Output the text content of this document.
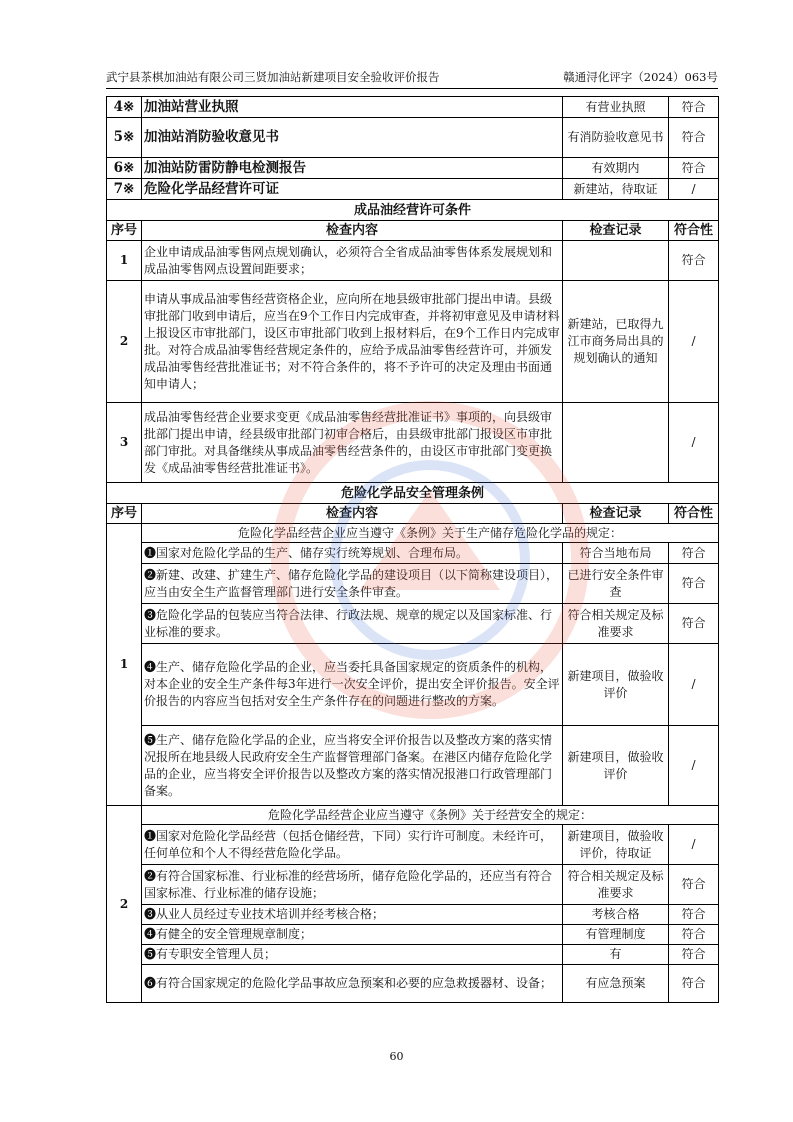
武宁县茶棋加油站有限公司三贤加油站新建项目安全验收评价报告	赣通浔化评字（2024）063号
4※	加油站营业执照	有营业执照	符合
5※	加油站消防验收意见书	有消防验收意见书	符合
6※	加油站防雷防静电检测报告	有效期内	符合
7※	危险化学品经营许可证	新建站，待取证	/
成品油经营许可条件			
序号	检查内容	检查记录	符合性
1	企业申请成品油零售网点规划确认，必须符合全省成品油零售体系发展规划和成品油零售网点设置间距要求；		符合
2	申请从事成品油零售经营资格企业，应向所在地县级审批部门提出申请。县级审批部门收到申请后，应当在9个工作日内完成审查，并将初审意见及申请材料上报设区市审批部门，设区市审批部门收到上报材料后，在9个工作日内完成审批。对符合成品油零售经营规定条件的，应给予成品油零售经营许可，并颁发成品油零售经营批准证书；对不符合条件的，将不予许可的决定及理由书面通知申请人；	新建站，已取得九江市商务局出具的规划确认的通知	/
3	成品油零售经营企业要求变更《成品油零售经营批准证书》事项的，向县级审批部门提出申请，经县级审批部门初审合格后，由县级审批部门报设区市审批部门审批。对具备继续从事成品油零售经营条件的，由设区市审批部门变更换发《成品油零售经营批准证书》。		/
危险化学品安全管理条例			
序号	检查内容	检查记录	符合性
1	危险化学品经营企业应当遵守《条例》关于生产储存危险化学品的规定：		
	❶国家对危险化学品的生产、储存实行统筹规划、合理布局。	符合当地布局	符合
	❷新建、改建、扩建生产、储存危险化学品的建设项目（以下简称建设项目），应当由安全生产监督管理部门进行安全条件审查。	已进行安全条件审查	符合
	❸危险化学品的包装应当符合法律、行政法规、规章的规定以及国家标准、行业标准的要求。	符合相关规定及标准要求	符合
	❹生产、储存危险化学品的企业，应当委托具备国家规定的资质条件的机构，对本企业的安全生产条件每3年进行一次安全评价，提出安全评价报告。安全评价报告的内容应当包括对安全生产条件存在的问题进行整改的方案。	新建项目，做验收评价	/
	❺生产、储存危险化学品的企业，应当将安全评价报告以及整改方案的落实情况报所在地县级人民政府安全生产监督管理部门备案。在港区内储存危险化学品的企业，应当将安全评价报告以及整改方案的落实情况报港口行政管理部门备案。	新建项目，做验收评价	/
2	危险化学品经营企业应当遵守《条例》关于经营安全的规定：		
	❶国家对危险化学品经营（包括仓储经营，下同）实行许可制度。未经许可，任何单位和个人不得经营危险化学品。	新建项目，做验收评价，待取证	/
	❷有符合国家标准、行业标准的经营场所，储存危险化学品的，还应当有符合国家标准、行业标准的储存设施；	符合相关规定及标准要求	符合
	❸从业人员经过专业技术培训并经考核合格；	考核合格	符合
	❹有健全的安全管理规章制度；	有管理制度	符合
	❺有专职安全管理人员；	有	符合
	❻有符合国家规定的危险化学品事故应急预案和必要的应急救援器材、设备；	有应急预案	符合
60
